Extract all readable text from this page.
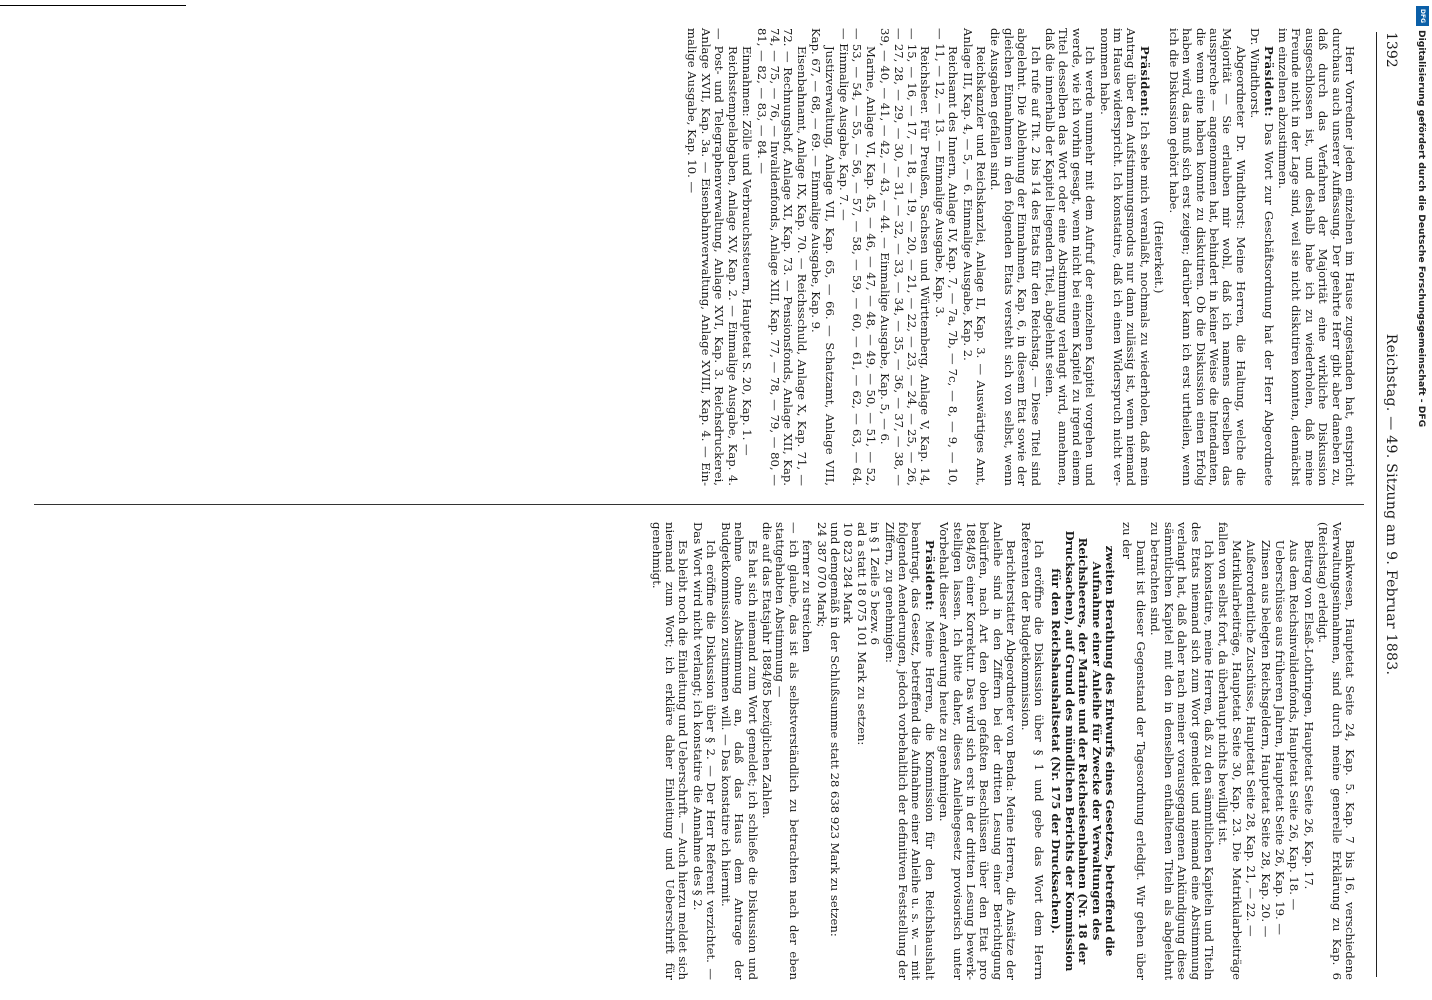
1392
Reichstag. — 49. Sitzung am 9. Februar 1883.

Herr Vorredner jedem einzelnen im Hause zugestanden hat, entspricht durchaus auch unserer Auffassung. Der geehrte Herr gibt aber daneben zu, daß durch das Verfahren der Majorität eine wirkliche Diskussion ausgeschlossen ist, und deshalb habe ich zu wiederholen, daß meine Freunde nicht in der Lage sind, weil sie nicht diskutiren konnten, dennächst im einzelnen abzustimmen.

Präsident: Das Wort zur Geschäftsordnung hat der Herr Abgeordnete Dr. Windthorst.

Abgeordneter Dr. Windthorst: Meine Herren, die Haltung, welche die Majorität — Sie erlauben mir wohl, daß ich namens derselben das ausspreche — angenommen hat, behindert in keiner Weise die Intendanten, die wenn eine haben konnte zu diskutiren. Ob die Diskussion einen Erfolg haben wird, das muß sich erst zeigen; darüber kann ich erst urtheilen, wenn ich die Diskussion gehört habe.

(Heiterkeit.)

Präsident: Ich sehe mich veranlaßt, nochmals zu wiederholen, daß mein Antrag über den Aufstimmungsmodus nur dann zulässig ist, wenn niemand im Hause widerspricht. Ich konstatire, daß ich einen Widerspruch nicht vernommen habe.

Ich werde nunmehr mit dem Aufruf der einzelnen Kapitel vorgehen und werde, wie ich vorhin gesagt, wenn nicht bei einem Kapitel zu irgend einem Titel desselben das Wort oder eine Abstimmung verlangt wird, annehmen, daß die innerhalb der Kapitel liegenden Titel, abgelehnt seien.

Ich rufe auf Tit. 2 bis 14 des Etats für den Reichstag. — Diese Titel sind abgelehnt. Die Ablehnung der Einnahmen, Kap. 6, in diesem Etat sowie der gleichen Einnahmen in den folgenden Etats versteht sich von selbst, wenn die Ausgaben gefallen sind.

Reichskanzler und Reichskanzlei, Anlage II, Kap. 3. — Auswärtiges Amt, Anlage III, Kap. 4, — 5, — 6. Einmalige Ausgabe, Kap. 2.

Reichsamt des Innern, Anlage IV, Kap. 7, — 7a, 7b, — 7c, — 8, — 9, — 10, — 11, — 12, — 13. — Einmalige Ausgabe, Kap. 3.

Reichsheer. Für Preußen, Sachsen und Württemberg, Anlage V, Kap. 14, — 15, — 16, — 17, — 18, — 19, — 20, — 21, — 22, — 23, — 24, — 25, — 26, — 27, 28, — 29, — 30, — 31, — 32, — 33, — 34, — 35, — 36, — 37, — 38, — 39, — 40, — 41, — 42, — 43, — 44. — Einmalige Ausgabe, Kap. 5, — 6.

Marine, Anlage VI, Kap. 45, — 46, — 47, — 48, — 49, — 50, — 51, — 52, — 53, — 54, — 55, — 56, — 57, — 58, — 59, — 60, — 61, — 62, — 63, — 64. — Einmalige Ausgabe, Kap. 7. —

Justizverwaltung, Anlage VII, Kap. 65, — 66. — Schatzamt, Anlage VIII, Kap. 67, — 68, — 69. — Einmalige Ausgabe, Kap. 9.

Eisenbahnamt, Anlage IX, Kap. 70. — Reichsschuld, Anlage X, Kap. 71, — 72. — Rechnungshof, Anlage XI, Kap. 73. — Pensionsfonds, Anlage XII, Kap. 74, — 75, — 76, — Invalidenfonds, Anlage XIII, Kap. 77, — 78, — 79, — 80, — 81, — 82, — 83, — 84. —

Einnahmen: Zölle und Verbrauchssteuern, Hauptetat S. 20, Kap. 1. —

Reichsstempelabgaben, Anlage XV, Kap. 2. — Einmalige Ausgabe, Kap. 4. — Post- und Telegraphenverwaltung, Anlage XVI, Kap. 3. Reichsdruckerei, Anlage XVII, Kap. 3a. — Eisenbahnverwaltung, Anlage XVIII, Kap. 4. — Einmalige Ausgabe, Kap. 10. —

Bankwesen, Hauptetat Seite 24, Kap. 5. Kap. 7 bis 16, verschiedene Verwaltungseinnahmen, sind durch meine generelle Erklärung zu Kap. 6 (Reichstag) erledigt.

Beitrag von Elsaß-Lothringen, Hauptetat Seite 26, Kap. 17.

Aus dem Reichsinvalidenfonds, Hauptetat Seite 26, Kap. 18. —

Ueberschüsse aus früheren Jahren, Hauptetat Seite 26, Kap. 19. —

Zinsen aus belegten Reichsgeldern, Hauptetat Seite 28, Kap. 20. —

Außerordentliche Zuschüsse, Hauptetat Seite 28, Kap. 21, — 22. —

Matrikularbeiträge, Hauptetat Seite 30, Kap. 23. Die Matrikularbeiträge fallen von selbst fort, da überhaupt nichts bewilligt ist.

Ich konstatire, meine Herren, daß zu den sämmtlichen Kapiteln und Titeln des Etats niemand sich zum Wort gemeldet und niemand eine Abstimmung verlangt hat, daß daher nach meiner vorausgegangenen Ankündigung diese sämmtlichen Kapitel mit den in denselben enthaltenen Titeln als abgelehnt zu betrachten sind.

Damit ist dieser Gegenstand der Tagesordnung erledigt. Wir gehen über zu der

zweiten Berathung des Entwurfs eines Gesetzes, betreffend die Aufnahme einer Anleihe für Zwecke der Verwaltungen des Reichsheeres, der Marine und der Reichseisenbahnen (Nr. 18 der Drucksachen), auf Grund des mündlichen Berichts der Kommission für den Reichshaushaltsetat (Nr. 175 der Drucksachen).

Ich eröffne die Diskussion über § 1 und gebe das Wort dem Herrn Referenten der Budgetkommission.

Berichterstatter Abgeordneter von Benda: Meine Herren, die Ansätze der Anleihe sind in den Ziffern bei der dritten Lesung einer Berichtigung bedürfen, nach Art den oben gefaßten Beschlüssen über den Etat pro 1884/85 einer Korrektur. Das wird sich erst in der dritten Lesung bewerkstelligen lassen. Ich bitte daher, dieses Anleihegesetz provisorisch unter Vorbehalt dieser Aenderung heute zu genehmigen.

Präsident: Meine Herren, die Kommission für den Reichshaushalt beantragt, das Gesetz, betreffend die Aufnahme einer Anleihe u. s. w. — mit folgenden Aenderungen, jedoch vorbehaltlich der definitiven Feststellung der Ziffern, zu genehmigen:

in § 1 Zeile 5 bezw. 6
ad a statt 18 075 101 Mark zu setzen:
10 823 284 Mark
und demgemäß in der Schlußsumme statt 28 638 923 Mark zu setzen:
24 387 070 Mark;

ferner zu streichen
— ich glaube, das ist als selbstverständlich zu betrachten nach der eben stattgehabten Abstimmung —
die auf das Etatsjahr 1884/85 bezüglichen Zahlen.

Es hat sich niemand zum Wort gemeldet; ich schließe die Diskussion und nehme ohne Abstimmung an, daß das Haus dem Antrage der Budgetkommission zustimmen will. — Das konstatire ich hiermit.

Ich eröffne die Diskussion über § 2. — Der Herr Referent verzichtet. — Das Wort wird nicht verlangt; ich konstatire die Annahme des § 2.

Es bleibt noch die Einleitung und Ueberschrift. — Auch hierzu meldet sich niemand zum Wort; ich erkläre daher Einleitung und Ueberschrift für genehmigt.

DFG
Digitalisierung gefördert durch die Deutsche Forschungsgemeinschaft - DFG
